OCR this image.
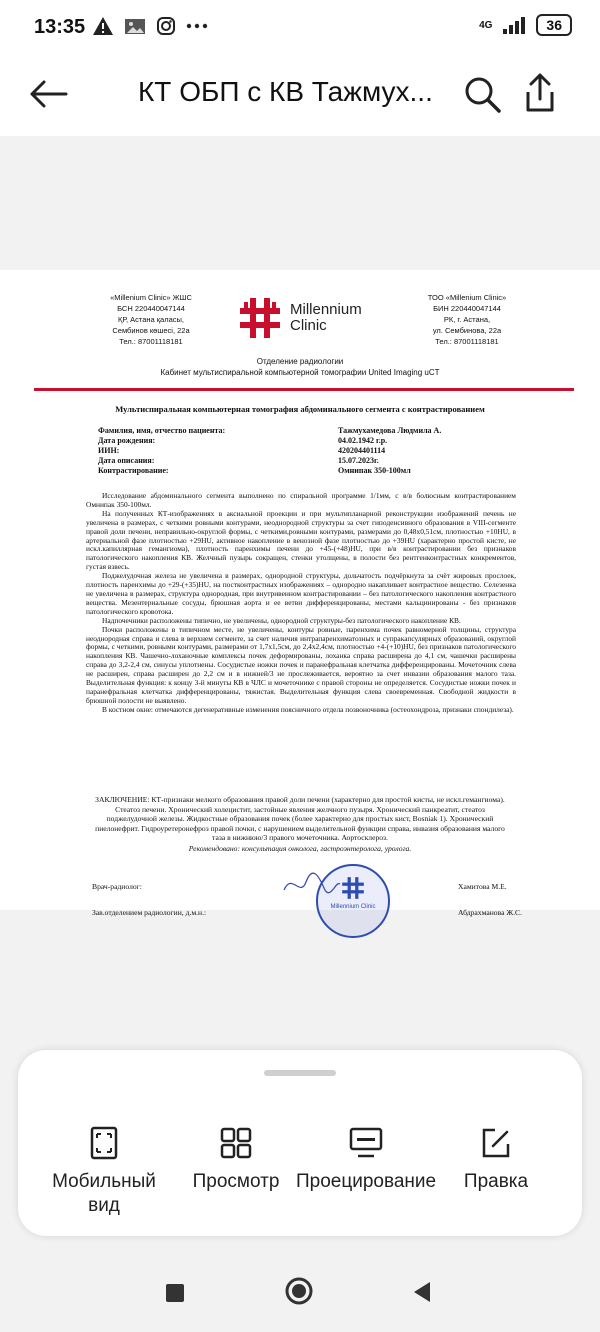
13:35	4G	36
КТ ОБП с КВ Тажмух...
«Millenium Clinic» ЖШС
БСН 220440047144
ҚР, Астана қаласы,
Сембинов көшесі, 22а
Тел.: 87001118181
Millennium
Clinic
ТОО «Millenium Clinic»
БИН 220440047144
РК, г. Астана,
ул. Сембинова, 22а
Тел.: 87001118181
Отделение радиологии
Кабинет мультиспиральной компьютерной томографии United Imaging uCT
Мультиспиральная компьютерная томография абдоминального сегмента с контрастированием
Фамилия, имя, отчество пациента:	Тажмухамедова Людмила А.
Дата рождения:	04.02.1942 г.р.
ИИН:	420204401114
Дата описания:	15.07.2023г.
Контрастирование:	Омнипак 350-100мл

Исследование абдоминального сегмента выполнено по спиральной программе 1/1мм, с в/в болюсным контрастированием Омнипак 350-100мл.

На полученных КТ-изображениях в аксиальной проекции и при мультипланарной реконструкции изображений печень не увеличена в размерах, с четкими ровными контурами, неоднородной структуры за счет гиподенсивного образования в VIII-сегменте правой доли печени, неправильно-округлой формы, с четкими,ровными контурами, размерами до 0,48х0,51см, плотностью +10HU, в артериальной фазе плотностью +29HU, активное накопление в венозной фазе плотностью до +39HU (характерно простой кисте, не искл.капиллярная гемангиома), плотность паренхимы печени до +45-(+48)HU, при в/в контрастировании без признаков патологического накопления КВ. Желчный пузырь сокращен, стенки утолщены, в полости без рентгенконтрастных конкрементов, густая взвесь.

Поджелудочная железа не увеличена в размерах, однородной структуры, дольчатость подчёркнута за счёт жировых прослоек, плотность паренхимы до +29-(+35)HU, на постконтрастных изображениях – однородно накапливает контрастное вещество. Селезенка не увеличена в размерах, структура однородная, при внутривенном контрастировании – без патологического накопления контрастного вещества. Мезентериальные сосуды, брюшная аорта и ее ветви дифференцированы, местами кальцинированы - без признаков патологического кровотока.

Надпочечники расположены типично, не увеличены, однородной структуры-без патологического накопление КВ.

Почки расположены в типичном месте, не увеличены, контуры ровные, паренхима почек равномерной толщины, структура неоднородная справа и слева в верхнем сегменте, за счет наличия интрапаренхиматозных и супракапсулярных образований, округлой формы, с четкими, ровными контурами, размерами от 1,7х1,5см, до 2,4х2,4см, плотностью +4-(+10)HU, без признаков патологического накопления КВ. Чашечно-лоханочные комплексы почек деформированы, лоханка справа расширена до 4,1 см, чашечки расширены справа до 3,2-2,4 см, синусы уплотнены. Сосудистые ножки почек и паранефральная клетчатка дифференцированы. Мочеточник слева не расширен, справа расширен до 2,2 см и в нижней/3 не прослеживается, вероятно за счет инвазии образования малого таза. Выделительная функция: к концу 3-й минуты КВ в ЧЛС и мочеточнике с правой стороны не определяется. Сосудистые ножки почек и паранефральная клетчатка дифференцированы, тяжистая. Выделительная функция слева своевременная. Свободной жидкости в брюшной полости не выявлено.

В костном окне: отмечаются дегенеративные изменения поясничного отдела позвоночника (остеохондроза, признаки спондилеза).

ЗАКЛЮЧЕНИЕ: КТ-признаки мелкого образования правой доли печени (характерно для простой кисты, не искл.гемангиома). Стеатоз печени. Хронический холецистит, застойные явления желчного пузыря. Хронический панкреатит, стеатоз поджелудочной железы. Жидкостные образования почек (более характерно для простых кист, Bosniak 1). Хронический пиелонефрит. Гидроуретеронефроз правой почки, с нарушением выделительной функции справа, инвазия образования малого таза в нижнюю/3 правого мочеточника. Аортосклероз.
Рекомендовано: консультация онколога, гастроэнтеролога, уролога.
Врач-радиолог:	Хамитова М.Е.
Зав.отделением радиологии, д.м.н.:	Абдрахманова Ж.С.
Millennium Clinic
Мобильный вид
Просмотр Проецирование	Правка
